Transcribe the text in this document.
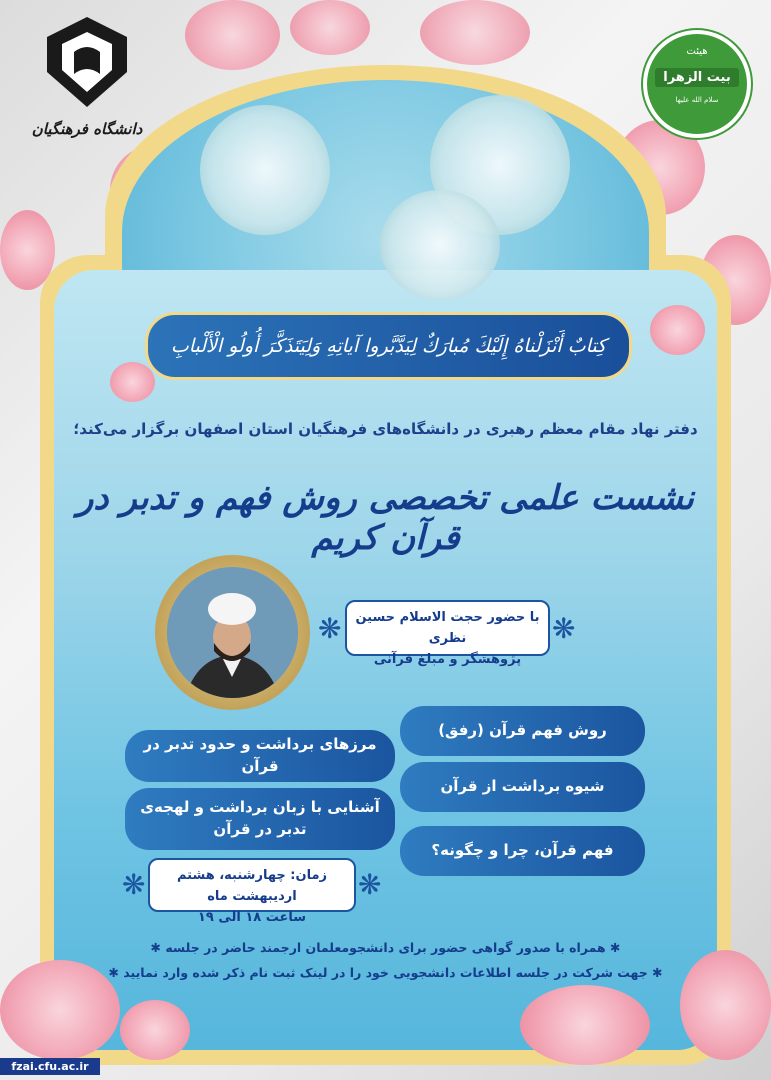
دانشگاه فرهنگیان
هیئت
بیت الزهرا
سلام الله علیها
کِتابٌ أَنْزَلْناهُ إِلَیْكَ مُبارَكٌ لِیَدَّبَّروا آیاتِهِ وَلِیَتَذَکَّرَ أُولُو الْأَلْبابِ
دفتر نهاد مقام معظم رهبری در دانشگاه‌های فرهنگیان استان اصفهان برگزار می‌کند؛
نشست علمی تخصصی روش فهم و تدبر در قرآن کریم
❋	❋
با حضور حجت الاسلام حسین نظری
پژوهشگر و مبلغ قرآنی
روش فهم قرآن (رفق)
شیوه برداشت از قرآن
فهم قرآن، چرا و چگونه؟
مرزهای برداشت و حدود تدبر در قرآن
آشنایی با زبان برداشت و لهجه‌ی تدبر در قرآن
❋	❋
زمان: چهارشنبه، هشتم اردیبهشت ماه
ساعت ۱۸ الی ۱۹
✱ همراه با صدور گواهی حضور برای دانشجومعلمان ارجمند حاضر در جلسه ✱
✱ جهت شرکت در جلسه اطلاعات دانشجویی خود را در لینک ثبت نام ذکر شده وارد نمایید ✱
fzai.cfu.ac.ir
